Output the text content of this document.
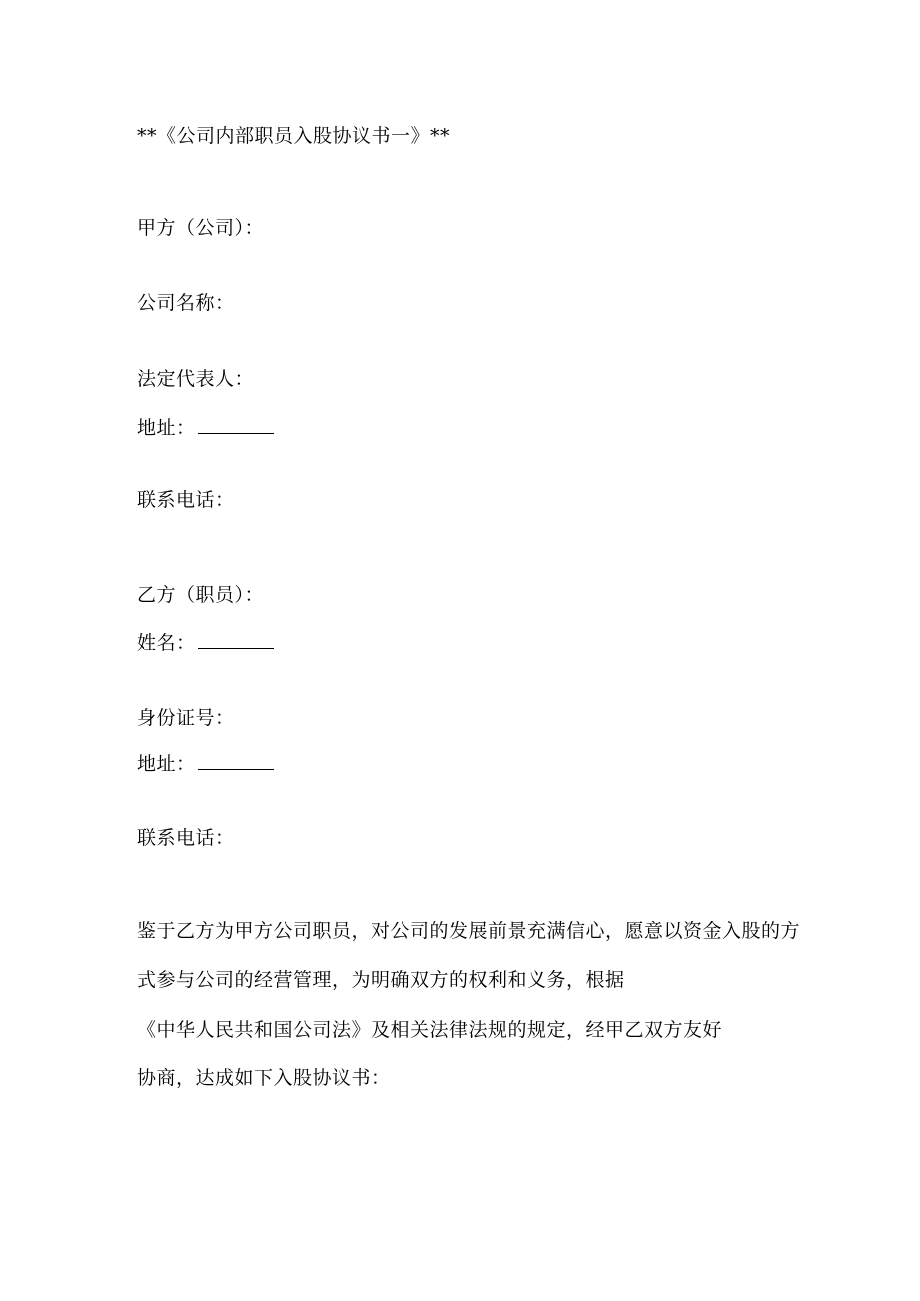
**《公司内部职员入股协议书一》**
甲方（公司）：
公司名称：
法定代表人：
地址：
联系电话：
乙方（职员）：
姓名：
身份证号：
地址：
联系电话：
鉴于乙方为甲方公司职员，对公司的发展前景充满信心，愿意以资金入股的方
式参与公司的经营管理，为明确双方的权利和义务，根据
《中华人民共和国公司法》及相关法律法规的规定，经甲乙双方友好
协商，达成如下入股协议书：
